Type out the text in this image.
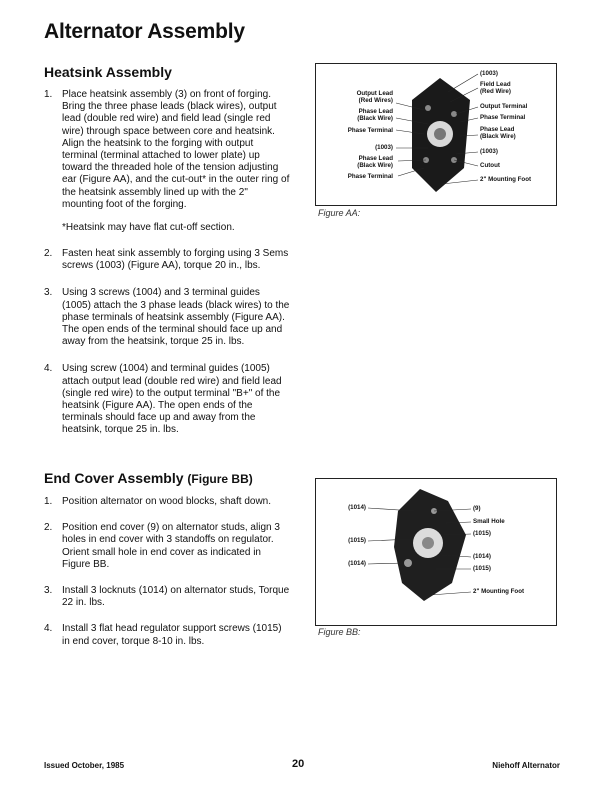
Alternator Assembly
Heatsink Assembly
1. Place heatsink assembly (3) on front of forging. Bring the three phase leads (black wires), output lead (double red wire) and field lead (single red wire) through space between core and heatsink. Align the heatsink to the forging with output terminal (terminal attached to lower plate) up toward the threaded hole of the tension adjusting ear (Figure AA), and the cut-out* in the outer ring of the heatsink assembly lined up with the 2" mounting foot of the forging.
*Heatsink may have flat cut-off section.
2. Fasten heat sink assembly to forging using 3 Sems screws (1003) (Figure AA), torque 20 in., lbs.
3. Using 3 screws (1004) and 3 terminal guides (1005) attach the 3 phase leads (black wires) to the phase terminals of heatsink assembly (Figure AA). The open ends of the terminal should face up and away from the heatsink, torque 25 in. lbs.
4. Using screw (1004) and terminal guides (1005) attach output lead (double red wire) and field lead (single red wire) to the output terminal "B+" of the heatsink (Figure AA). The open ends of the terminals should face up and away from the heatsink, torque 25 in. lbs.
Output Lead
(Red Wires)
Phase Lead
(Black Wire)
Phase Terminal
(1003)
Phase Lead
(Black Wire)
Phase Terminal
(1003)
Field Lead
(Red Wire)
Output Terminal
Phase Terminal
Phase Lead
(Black Wire)
(1003)
Cutout
2" Mounting Foot
Figure AA:
End Cover Assembly (Figure BB)
1. Position alternator on wood blocks, shaft down.
2. Position end cover (9) on alternator studs, align 3 holes in end cover with 3 standoffs on regulator. Orient small hole in end cover as indicated in Figure BB.
3. Install 3 locknuts (1014) on alternator studs, Torque 22 in. lbs.
4. Install 3 flat head regulator support screws (1015) in end cover, torque 8-10 in. lbs.
(1014)
(1015)
(1014)
(9)
Small Hole
(1015)
(1014)
(1015)
2" Mounting Foot
Figure BB:
Issued October, 1985	20	Niehoff Alternator
